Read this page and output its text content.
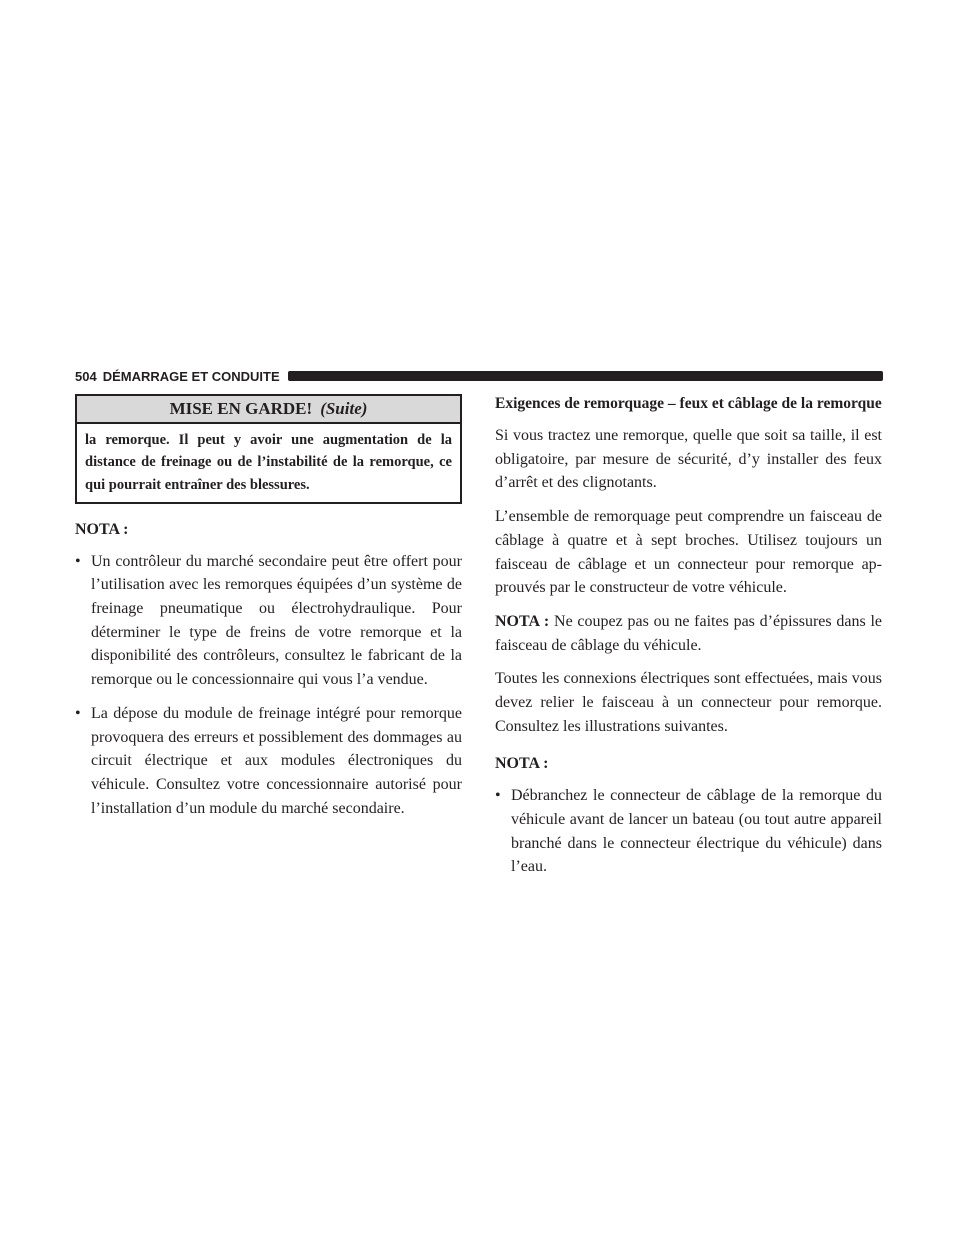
504 DÉMARRAGE ET CONDUITE
MISE EN GARDE! (Suite)
la remorque. Il peut y avoir une augmentation de la distance de freinage ou de l’instabilité de la remorque, ce qui pourrait entraîner des blessures.

NOTA :

• Un contrôleur du marché secondaire peut être offert pour l’utilisation avec les remorques équipées d’un système de freinage pneumatique ou électrohydraulique. Pour déterminer le type de freins de votre remorque et la disponibilité des contrôleurs, consultez le fabricant de la remorque ou le concessionnaire qui vous l’a vendue.
• La dépose du module de freinage intégré pour remorque provoquera des erreurs et possiblement des dommages au circuit électrique et aux modules électroniques du véhicule. Consultez votre concessionnaire autorisé pour l’installation d’un module du marché secondaire.

Exigences de remorquage – feux et câblage de la remorque

Si vous tractez une remorque, quelle que soit sa taille, il est obligatoire, par mesure de sécurité, d’y installer des feux d’arrêt et des clignotants.

L’ensemble de remorquage peut comprendre un faisceau de câblage à quatre et à sept broches. Utilisez toujours un faisceau de câblage et un connecteur pour remorque approuvés par le constructeur de votre véhicule.

NOTA : Ne coupez pas ou ne faites pas d’épissures dans le faisceau de câblage du véhicule.

Toutes les connexions électriques sont effectuées, mais vous devez relier le faisceau à un connecteur pour remorque. Consultez les illustrations suivantes.

NOTA :

• Débranchez le connecteur de câblage de la remorque du véhicule avant de lancer un bateau (ou tout autre appareil branché dans le connecteur électrique du véhicule) dans l’eau.
